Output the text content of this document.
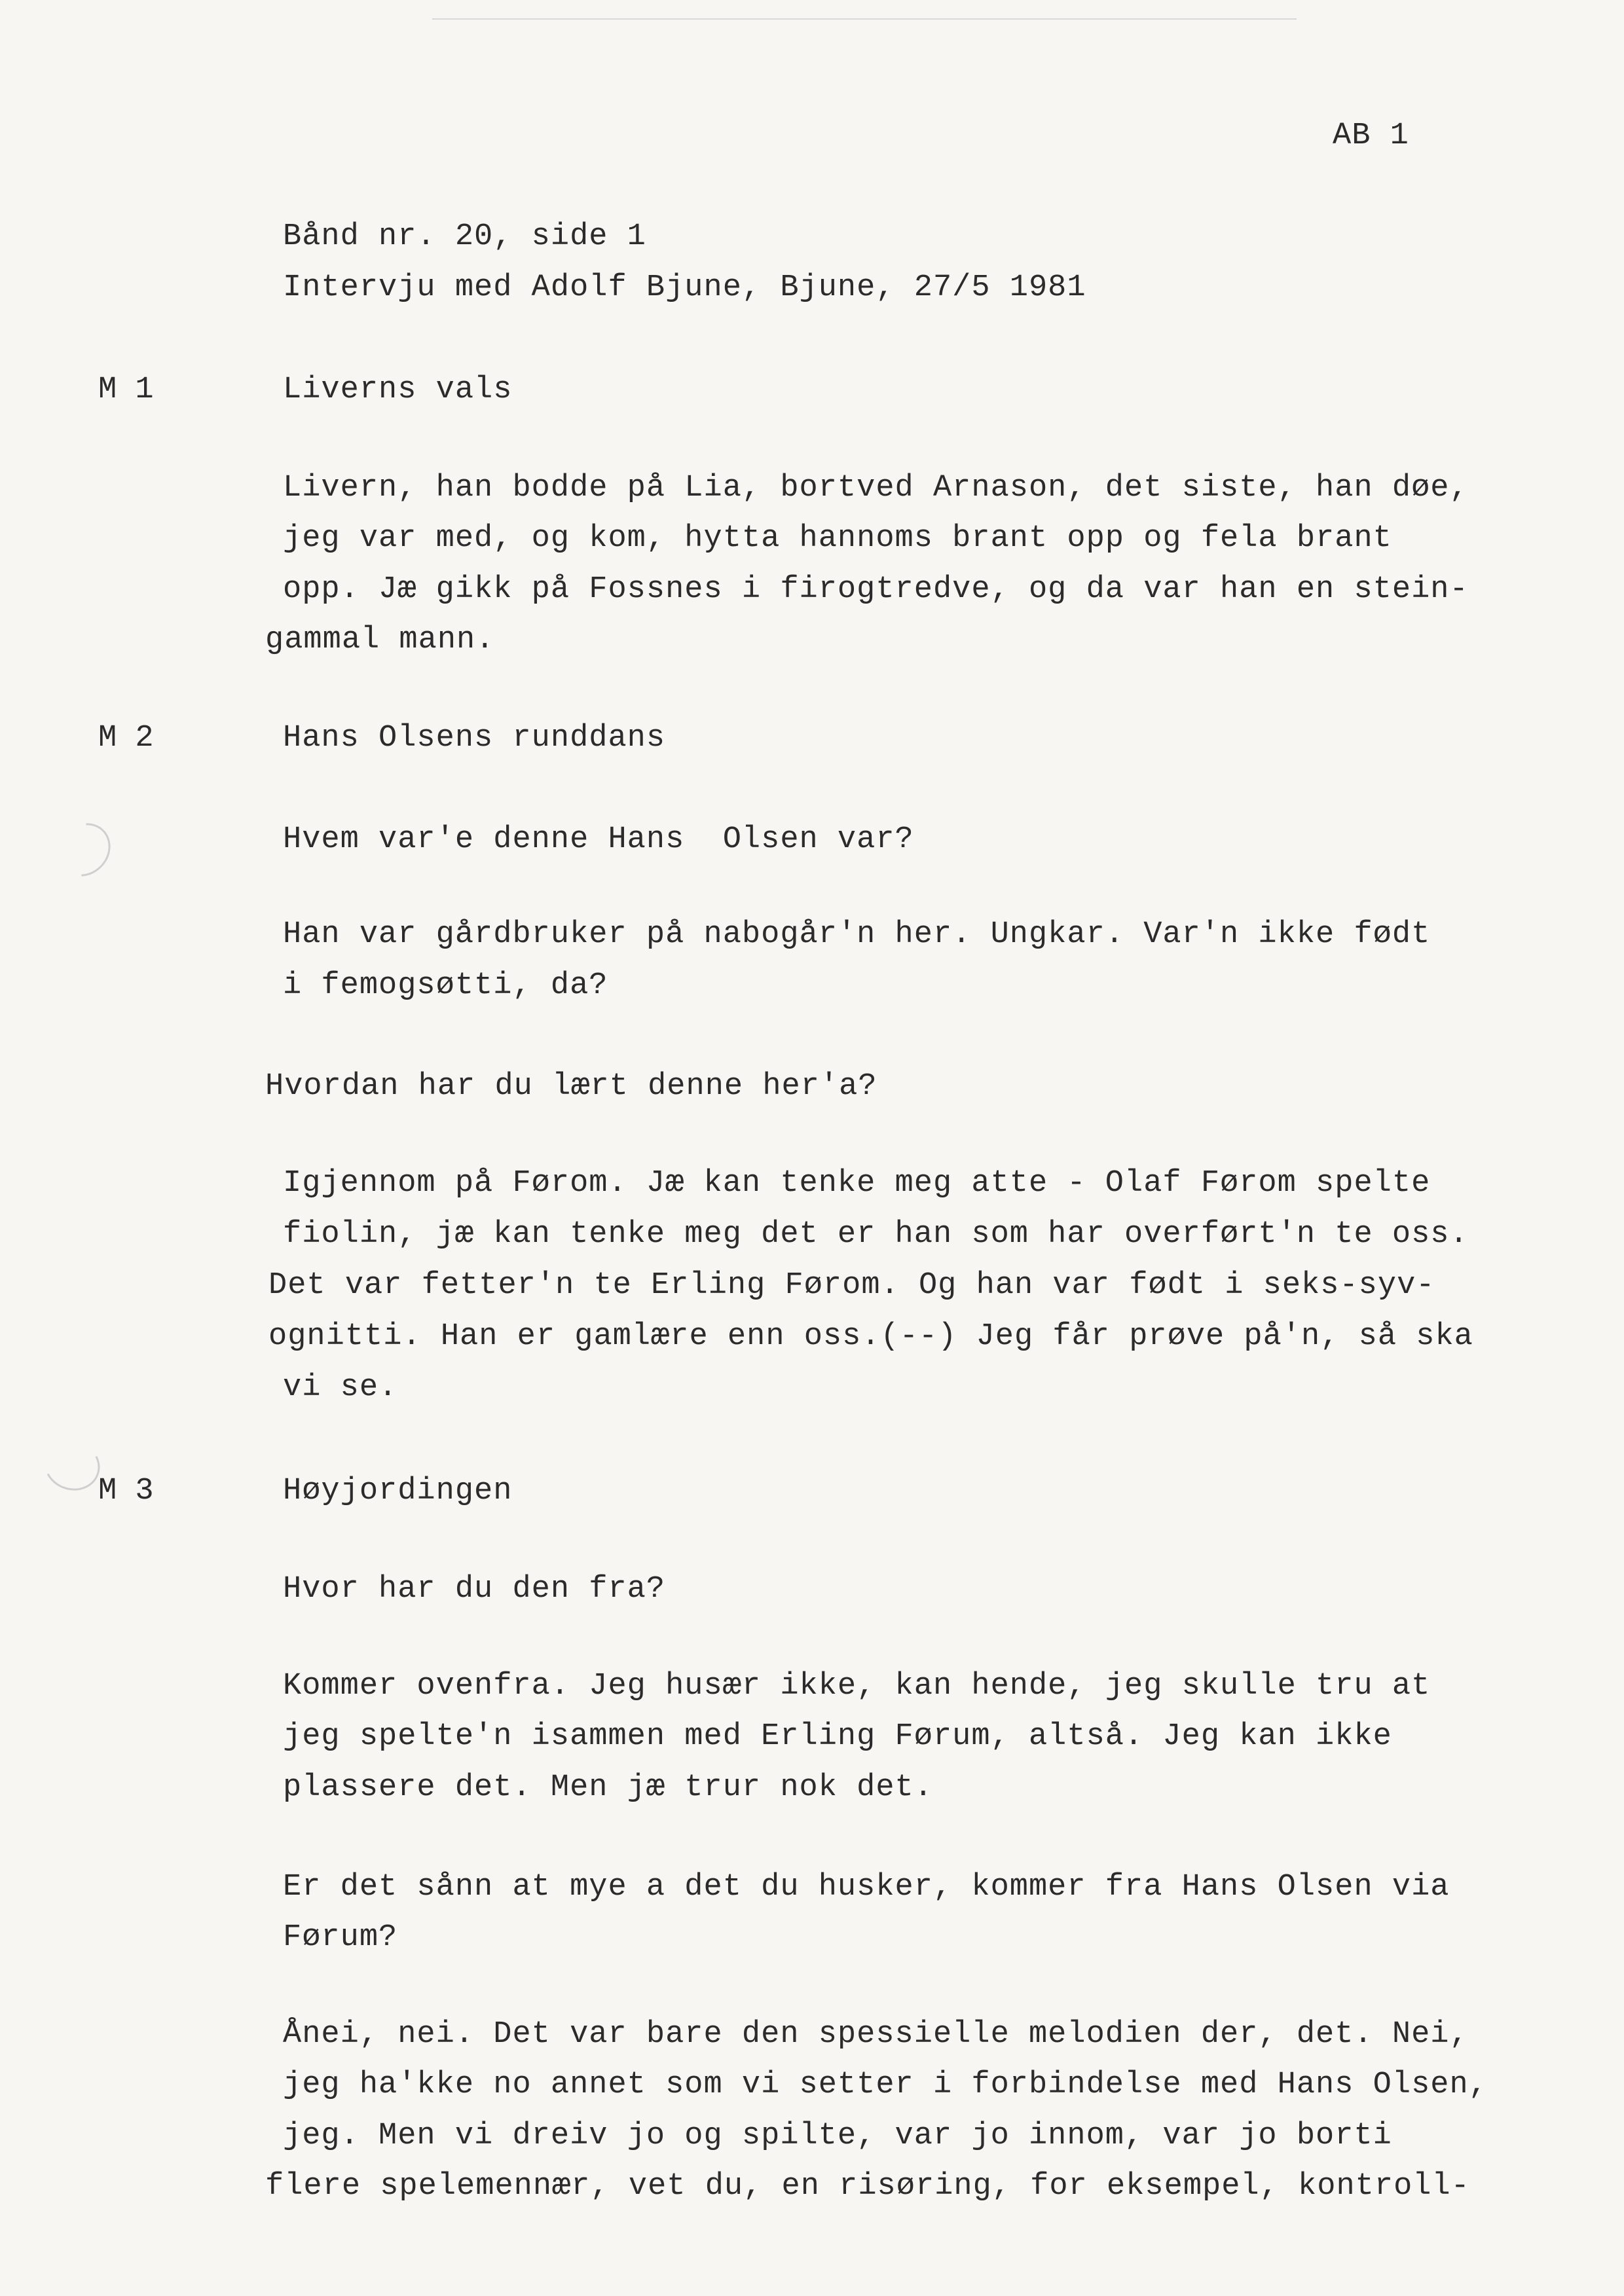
AB 1
Bånd nr. 20, side 1
Intervju med Adolf Bjune, Bjune, 27/5 1981
M 1	Liverns vals
Livern, han bodde på Lia, bortved Arnason, det siste, han døe,
jeg var med, og kom, hytta hannoms brant opp og fela brant
opp. Jæ gikk på Fossnes i firogtredve, og da var han en stein-
gammal mann.
M 2	Hans Olsens runddans
Hvem var'e denne Hans  Olsen var?
Han var gårdbruker på nabogår'n her. Ungkar. Var'n ikke født
i femogsøtti, da?
Hvordan har du lært denne her'a?
Igjennom på Førom. Jæ kan tenke meg atte - Olaf Førom spelte
fiolin, jæ kan tenke meg det er han som har overført'n te oss.
Det var fetter'n te Erling Førom. Og han var født i seks-syv-
ognitti. Han er gamlære enn oss.(--) Jeg får prøve på'n, så ska
vi se.
M 3	Høyjordingen
Hvor har du den fra?
Kommer ovenfra. Jeg husær ikke, kan hende, jeg skulle tru at
jeg spelte'n isammen med Erling Førum, altså. Jeg kan ikke
plassere det. Men jæ trur nok det.
Er det sånn at mye a det du husker, kommer fra Hans Olsen via
Førum?
Ånei, nei. Det var bare den spessielle melodien der, det. Nei,
jeg ha'kke no annet som vi setter i forbindelse med Hans Olsen,
jeg. Men vi dreiv jo og spilte, var jo innom, var jo borti
flere spelemennær, vet du, en risøring, for eksempel, kontroll-
